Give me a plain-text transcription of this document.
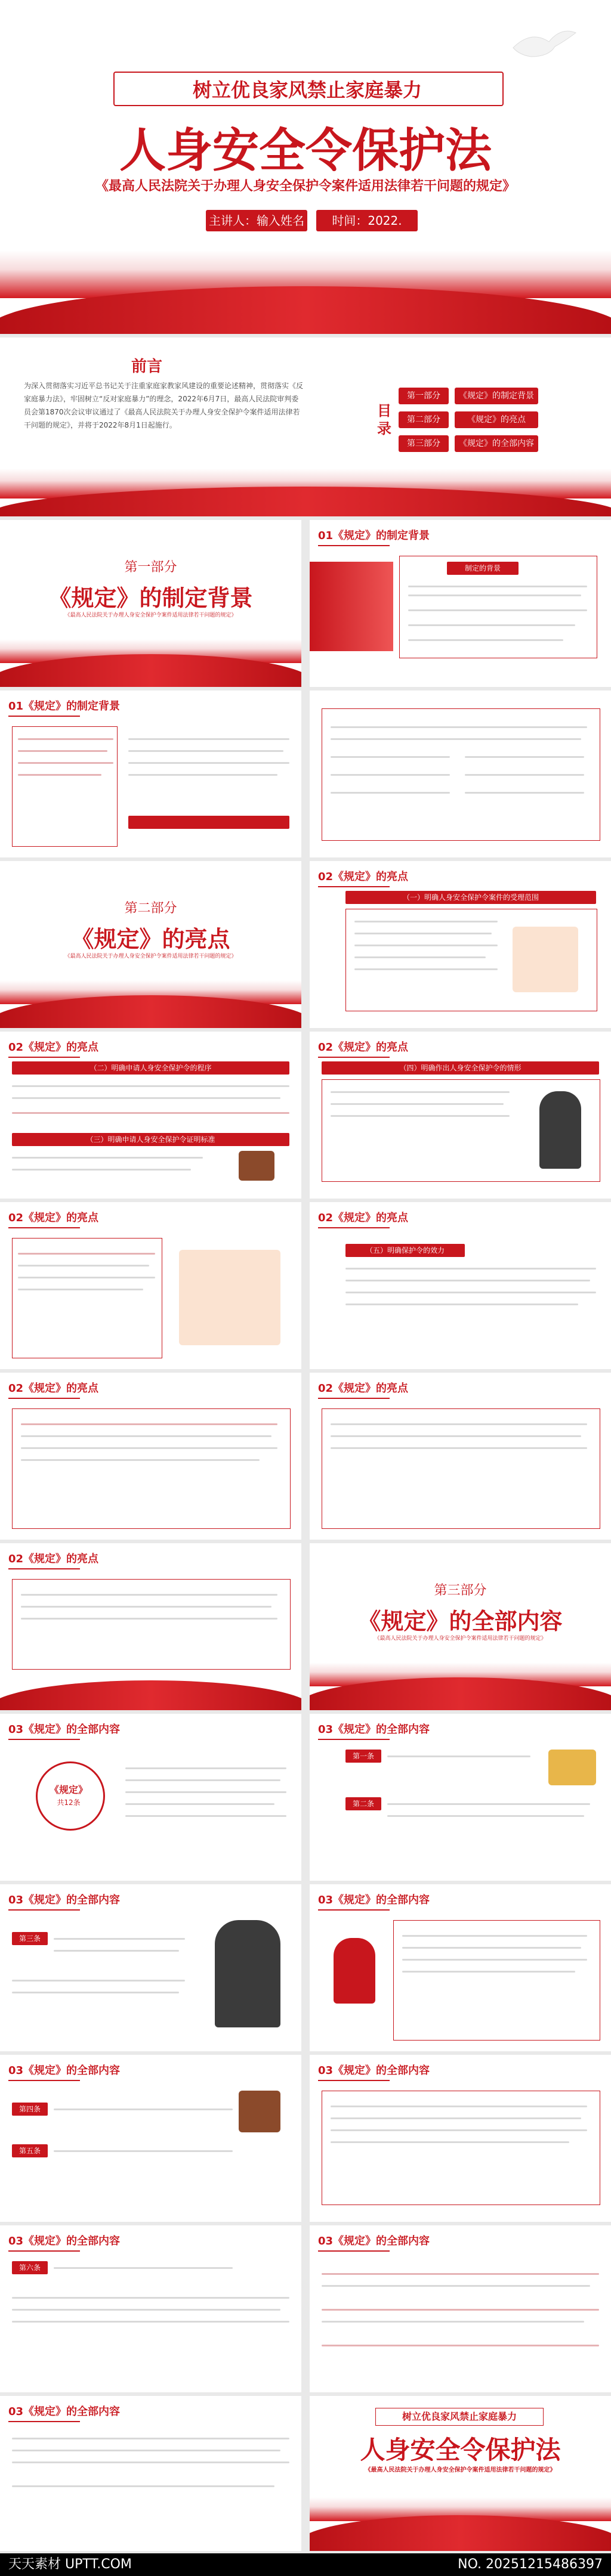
树立优良家风禁止家庭暴力
人身安全令保护法
《最高人民法院关于办理人身安全保护令案件适用法律若干问题的规定》
主讲人：输入姓名	时间：2022.
前言
为深入贯彻落实习近平总书记关于注重家庭家教家风建设的重要论述精神，贯彻落实《反家庭暴力法》，牢固树立“反对家庭暴力”的理念，2022年6月7日，最高人民法院审判委员会第1870次会议审议通过了《最高人民法院关于办理人身安全保护令案件适用法律若干问题的规定》，并将于2022年8月1日起施行。
目录
第一部分	《规定》的制定背景
第二部分	《规定》的亮点
第三部分	《规定》的全部内容
第一部分
《规定》的制定背景
《最高人民法院关于办理人身安全保护令案件适用法律若干问题的规定》
01《规定》的制定背景
制定的背景
01《规定》的制定背景
第二部分
《规定》的亮点
《最高人民法院关于办理人身安全保护令案件适用法律若干问题的规定》
02《规定》的亮点
（一）明确人身安全保护令案件的受理范围
02《规定》的亮点
（二）明确申请人身安全保护令的程序
（三）明确申请人身安全保护令证明标准
02《规定》的亮点
（四）明确作出人身安全保护令的情形
02《规定》的亮点	02《规定》的亮点
（五）明确保护令的效力
02《规定》的亮点	02《规定》的亮点
02《规定》的亮点
第三部分
《规定》的全部内容
《最高人民法院关于办理人身安全保护令案件适用法律若干问题的规定》
03《规定》的全部内容
《规定》
共12条
03《规定》的全部内容
第一条
第二条
03《规定》的全部内容
第三条
03《规定》的全部内容
03《规定》的全部内容
第四条
第五条
03《规定》的全部内容
03《规定》的全部内容
第六条
03《规定》的全部内容
03《规定》的全部内容	树立优良家风禁止家庭暴力
人身安全令保护法
《最高人民法院关于办理人身安全保护令案件适用法律若干问题的规定》
天天素材 UPTT.COM	NO. 20251215486397
